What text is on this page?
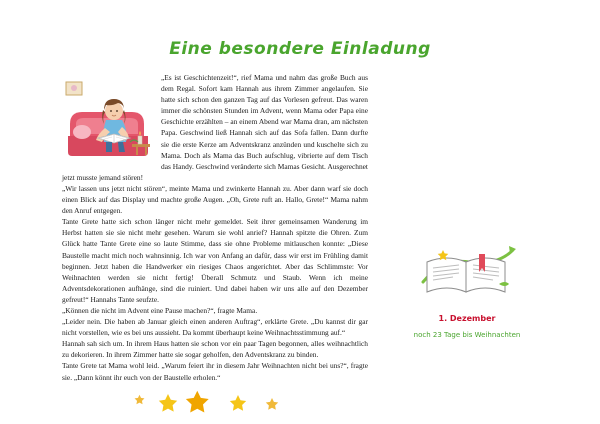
Eine besondere Einladung

„Es ist Geschichtenzeit!“, rief Mama und nahm das große Buch aus dem Regal. Sofort kam Hannah aus ihrem Zimmer angelaufen. Sie hatte sich schon den ganzen Tag auf das Vorlesen gefreut. Das waren immer die schönsten Stunden im Advent, wenn Mama oder Papa eine Geschichte erzählten – an einem Abend war Mama dran, am nächsten Papa. Geschwind ließ Hannah sich auf das Sofa fallen. Dann durfte sie die erste Kerze am Adventskranz anzünden und kuschelte sich zu Mama. Doch als Mama das Buch aufschlug, vibrierte auf dem Tisch das Handy. Geschwind veränderte sich Mamas Gesicht. Ausgerechnet jetzt musste jemand stören!

„Wir lassen uns jetzt nicht stören“, meinte Mama und zwinkerte Hannah zu. Aber dann warf sie doch einen Blick auf das Display und machte große Augen. „Oh, Grete ruft an. Hallo, Grete!“ Mama nahm den Anruf entgegen.

Tante Grete hatte sich schon länger nicht mehr gemeldet. Seit ihrer gemeinsamen Wanderung im Herbst hatten sie sie nicht mehr gesehen. Warum sie wohl anrief? Hannah spitzte die Ohren. Zum Glück hatte Tante Grete eine so laute Stimme, dass sie ohne Probleme mitlauschen konnte: „Diese Baustelle macht mich noch wahnsinnig. Ich war von Anfang an dafür, dass wir erst im Frühling damit beginnen. Jetzt haben die Handwerker ein riesiges Chaos angerichtet. Aber das Schlimmste: Vor Weihnachten werden sie nicht fertig! Überall Schmutz und Staub. Wenn ich meine Adventsdekorationen aufhänge, sind die ruiniert. Und dabei haben wir uns alle auf den Dezember gefreut!“ Hannahs Tante seufzte.

„Können die nicht im Advent eine Pause machen?“, fragte Mama.

„Leider nein. Die haben ab Januar gleich einen anderen Auftrag“, erklärte Grete. „Du kannst dir gar nicht vorstellen, wie es bei uns aussieht. Da kommt überhaupt keine Weihnachtsstimmung auf.“

Hannah sah sich um. In ihrem Haus hatten sie schon vor ein paar Tagen begonnen, alles weihnachtlich zu dekorieren. In ihrem Zimmer hatte sie sogar geholfen, den Adventskranz zu binden.

Tante Grete tat Mama wohl leid. „Warum feiert ihr in diesem Jahr Weihnachten nicht bei uns?“, fragte sie. „Dann könnt ihr euch von der Baustelle erholen.“

1. Dezember
noch 23 Tage bis Weihnachten
